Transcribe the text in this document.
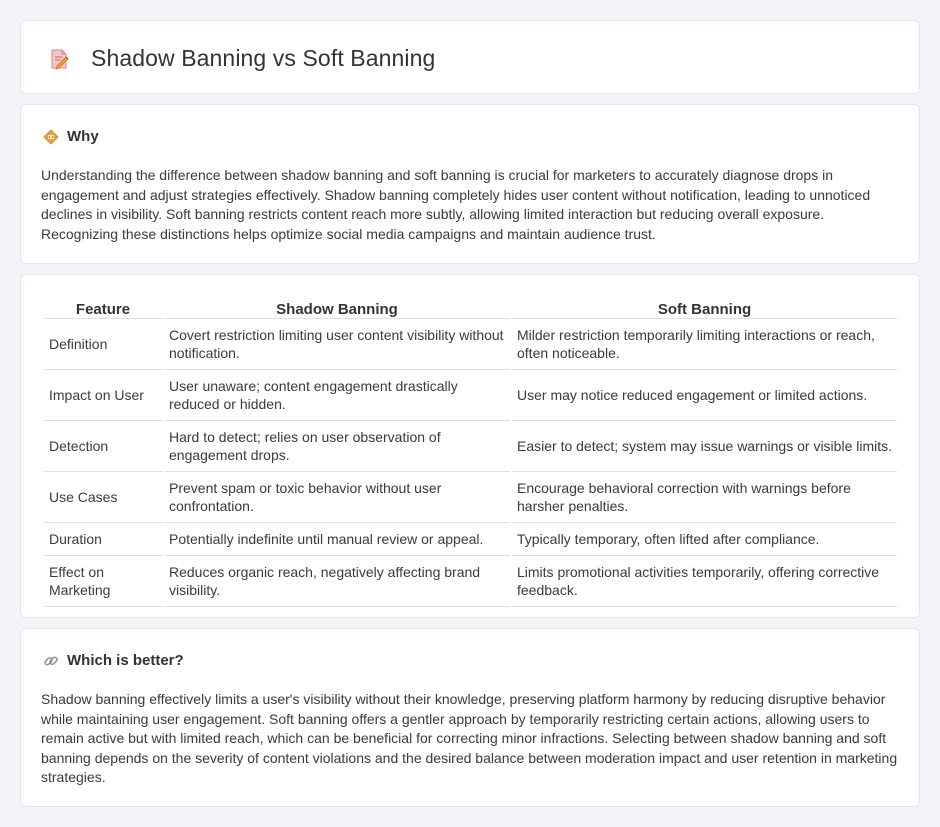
Shadow Banning vs Soft Banning
Why

Understanding the difference between shadow banning and soft banning is crucial for marketers to accurately diagnose drops in engagement and adjust strategies effectively. Shadow banning completely hides user content without notification, leading to unnoticed declines in visibility. Soft banning restricts content reach more subtly, allowing limited interaction but reducing overall exposure. Recognizing these distinctions helps optimize social media campaigns and maintain audience trust.

Feature	Shadow Banning	Soft Banning
Definition	Covert restriction limiting user content visibility without notification.	Milder restriction temporarily limiting interactions or reach, often noticeable.
Impact on User	User unaware; content engagement drastically reduced or hidden.	User may notice reduced engagement or limited actions.
Detection	Hard to detect; relies on user observation of engagement drops.	Easier to detect; system may issue warnings or visible limits.
Use Cases	Prevent spam or toxic behavior without user confrontation.	Encourage behavioral correction with warnings before harsher penalties.
Duration	Potentially indefinite until manual review or appeal.	Typically temporary, often lifted after compliance.
Effect on Marketing	Reduces organic reach, negatively affecting brand visibility.	Limits promotional activities temporarily, offering corrective feedback.
Which is better?

Shadow banning effectively limits a user's visibility without their knowledge, preserving platform harmony by reducing disruptive behavior while maintaining user engagement. Soft banning offers a gentler approach by temporarily restricting certain actions, allowing users to remain active but with limited reach, which can be beneficial for correcting minor infractions. Selecting between shadow banning and soft banning depends on the severity of content violations and the desired balance between moderation impact and user retention in marketing strategies.
